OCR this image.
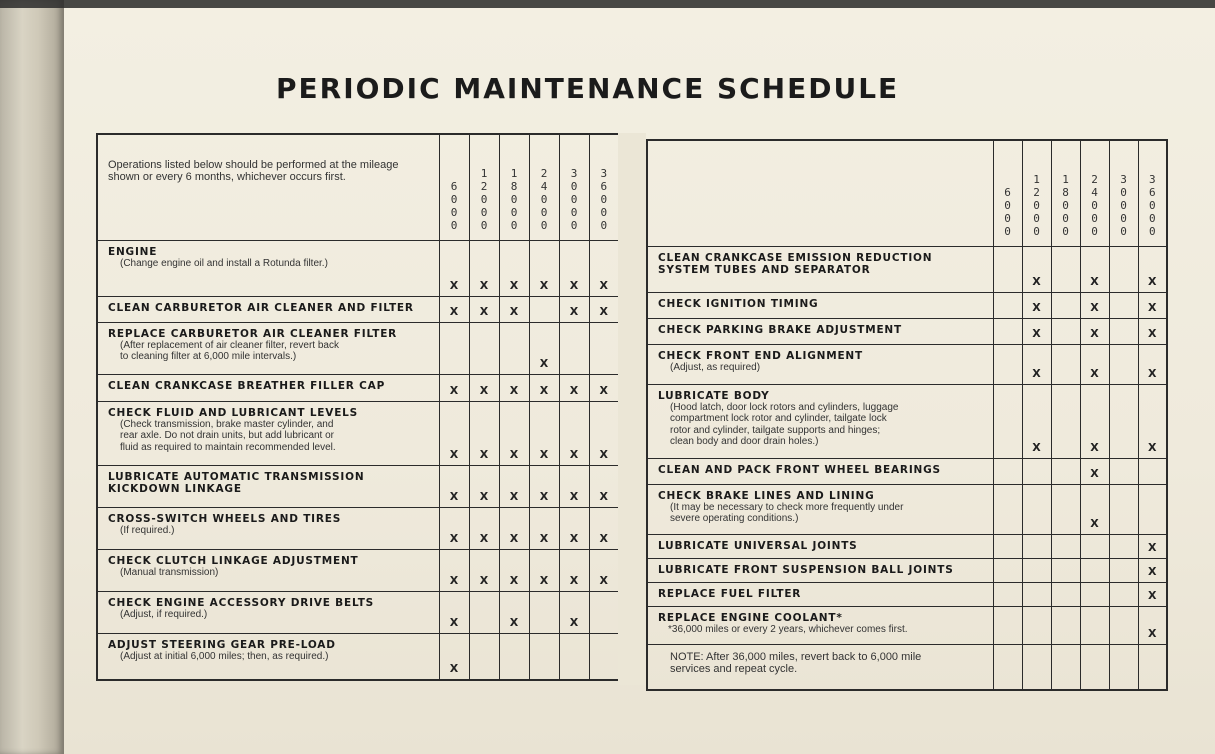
PERIODIC MAINTENANCE SCHEDULE
Operations listed below should be performed at the mileage shown or every 6 months, whichever occurs first.	6
0
0
0	1
2
0
0
0	1
8
0
0
0	2
4
0
0
0	3
0
0
0
0	3
6
0
0
0

ENGINE
(Change engine oil and install a Rotunda filter.)	X	X	X	X	X	X

CLEAN CARBURETOR AIR CLEANER AND FILTER	X	X	X		X	X

REPLACE CARBURETOR AIR CLEANER FILTER
(After replacement of air cleaner filter, revert back
to cleaning filter at 6,000 mile intervals.)				X		

CLEAN CRANKCASE BREATHER FILLER CAP	X	X	X	X	X	X

CHECK FLUID AND LUBRICANT LEVELS
(Check transmission, brake master cylinder, and
rear axle. Do not drain units, but add lubricant or
fluid as required to maintain recommended level.	X	X	X	X	X	X

LUBRICATE AUTOMATIC TRANSMISSION
KICKDOWN LINKAGE	X	X	X	X	X	X

CROSS-SWITCH WHEELS AND TIRES
(If required.)	X	X	X	X	X	X

CHECK CLUTCH LINKAGE ADJUSTMENT
(Manual transmission)	X	X	X	X	X	X

CHECK ENGINE ACCESSORY DRIVE BELTS
(Adjust, if required.)	X		X		X	

ADJUST STEERING GEAR PRE-LOAD
(Adjust at initial 6,000 miles; then, as required.)	X					

	6
0
0
0	1
2
0
0
0	1
8
0
0
0	2
4
0
0
0	3
0
0
0
0	3
6
0
0
0

CLEAN CRANKCASE EMISSION REDUCTION
SYSTEM TUBES AND SEPARATOR		X		X		X

CHECK IGNITION TIMING		X		X		X

CHECK PARKING BRAKE ADJUSTMENT		X		X		X

CHECK FRONT END ALIGNMENT
(Adjust, as required)		X		X		X

LUBRICATE BODY
(Hood latch, door lock rotors and cylinders, luggage
compartment lock rotor and cylinder, tailgate lock
rotor and cylinder, tailgate supports and hinges;
clean body and door drain holes.)		X		X		X

CLEAN AND PACK FRONT WHEEL BEARINGS				X		

CHECK BRAKE LINES AND LINING
(It may be necessary to check more frequently under
severe operating conditions.)				X		

LUBRICATE UNIVERSAL JOINTS						X

LUBRICATE FRONT SUSPENSION BALL JOINTS						X

REPLACE FUEL FILTER						X

REPLACE ENGINE COOLANT*
*36,000 miles or every 2 years, whichever comes first.						X
NOTE: After 36,000 miles, revert back to 6,000 mile
services and repeat cycle.						
